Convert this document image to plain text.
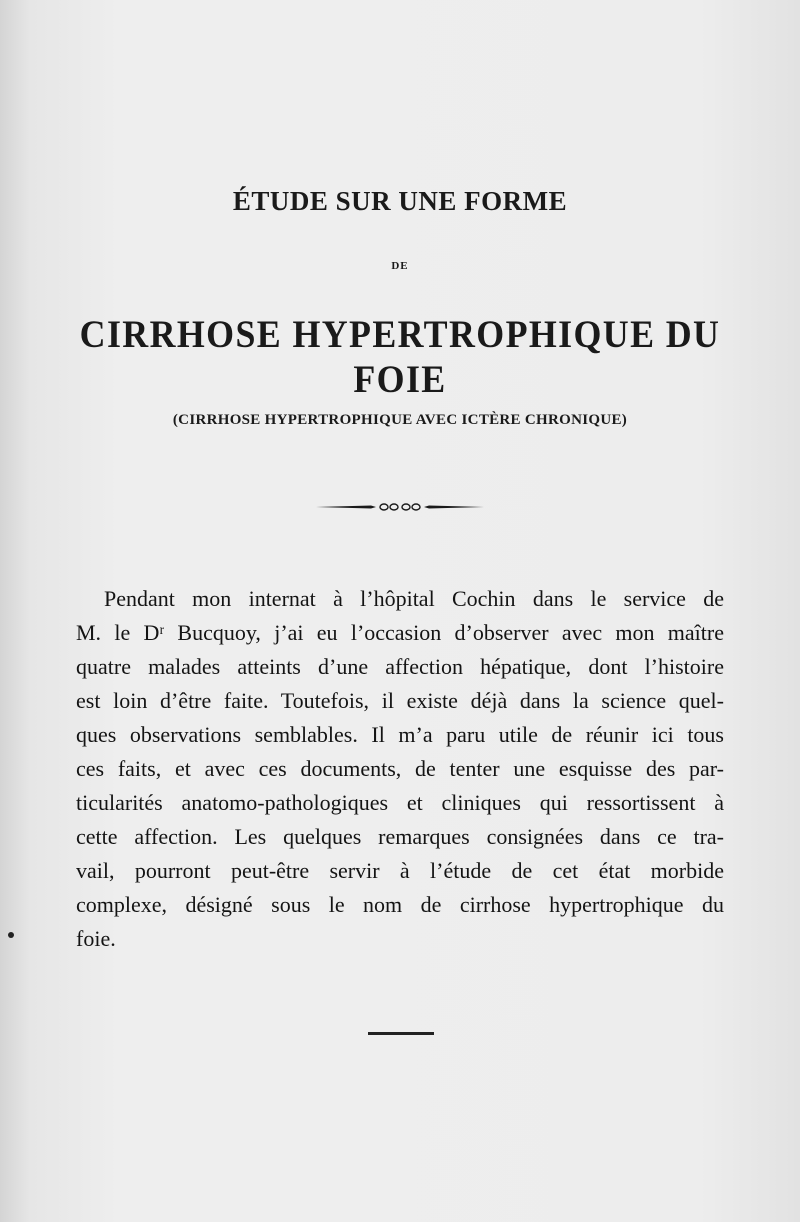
ÉTUDE SUR UNE FORME
DE
CIRRHOSE HYPERTROPHIQUE DU FOIE
(CIRRHOSE HYPERTROPHIQUE AVEC ICTÈRE CHRONIQUE)
Pendant mon internat à l’hôpital Cochin dans le service de
M. le Dʳ Bucquoy, j’ai eu l’occasion d’observer avec mon maître
quatre malades atteints d’une affection hépatique, dont l’histoire
est loin d’être faite. Toutefois, il existe déjà dans la science quel-
ques observations semblables. Il m’a paru utile de réunir ici tous
ces faits, et avec ces documents, de tenter une esquisse des par-
ticularités anatomo-pathologiques et cliniques qui ressortissent à
cette affection. Les quelques remarques consignées dans ce tra-
vail, pourront peut-être servir à l’étude de cet état morbide
complexe, désigné sous le nom de cirrhose hypertrophique du
foie.
